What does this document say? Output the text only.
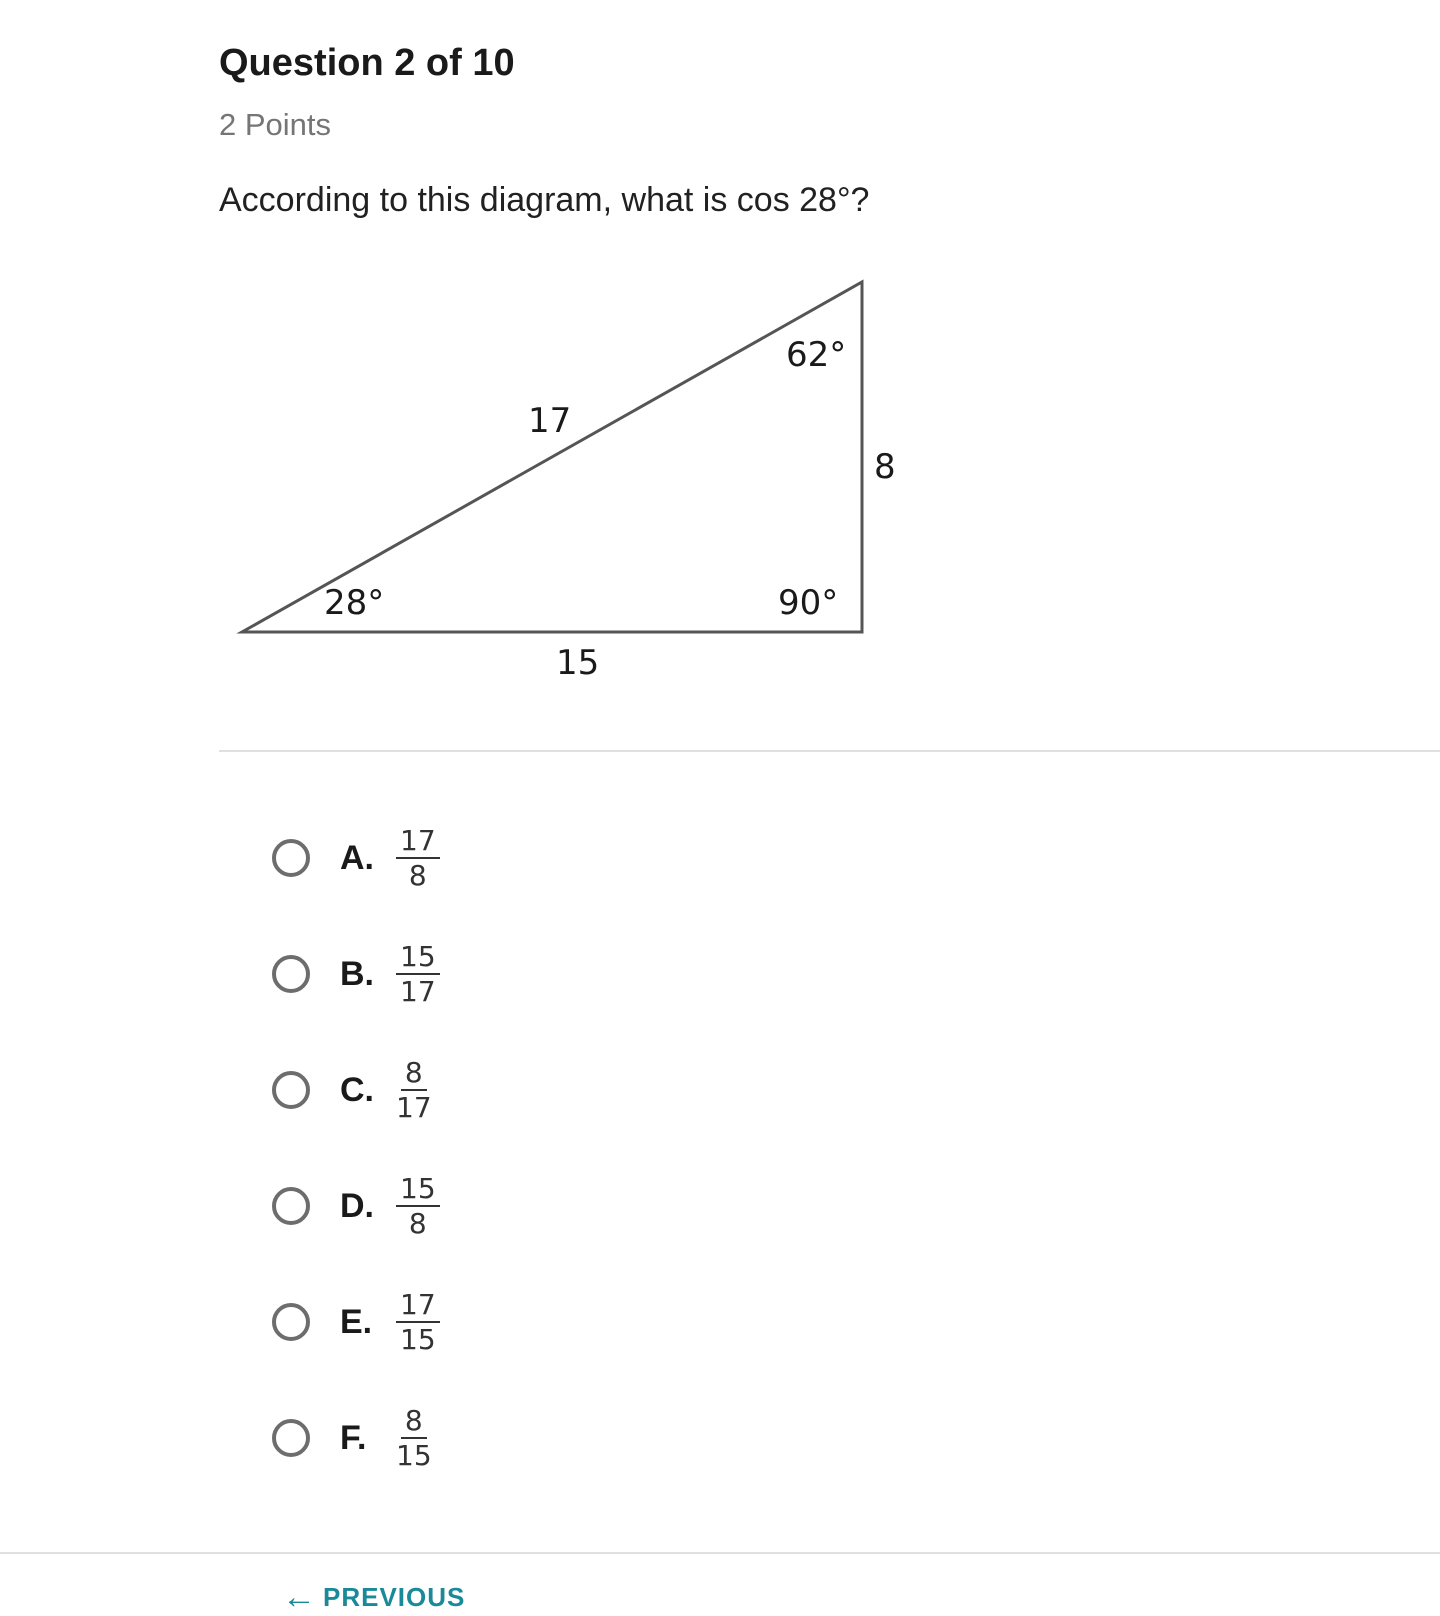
Question 2 of 10
2 Points
According to this diagram, what is cos 28°?
62°
17
8
28°	90°
15
A. $\frac{17}{8}$
B. $\frac{15}{17}$
C. $\frac{8}{17}$
D. $\frac{15}{8}$
E. $\frac{17}{15}$
F.	$\frac{8}{15}$
← PREVIOUS
